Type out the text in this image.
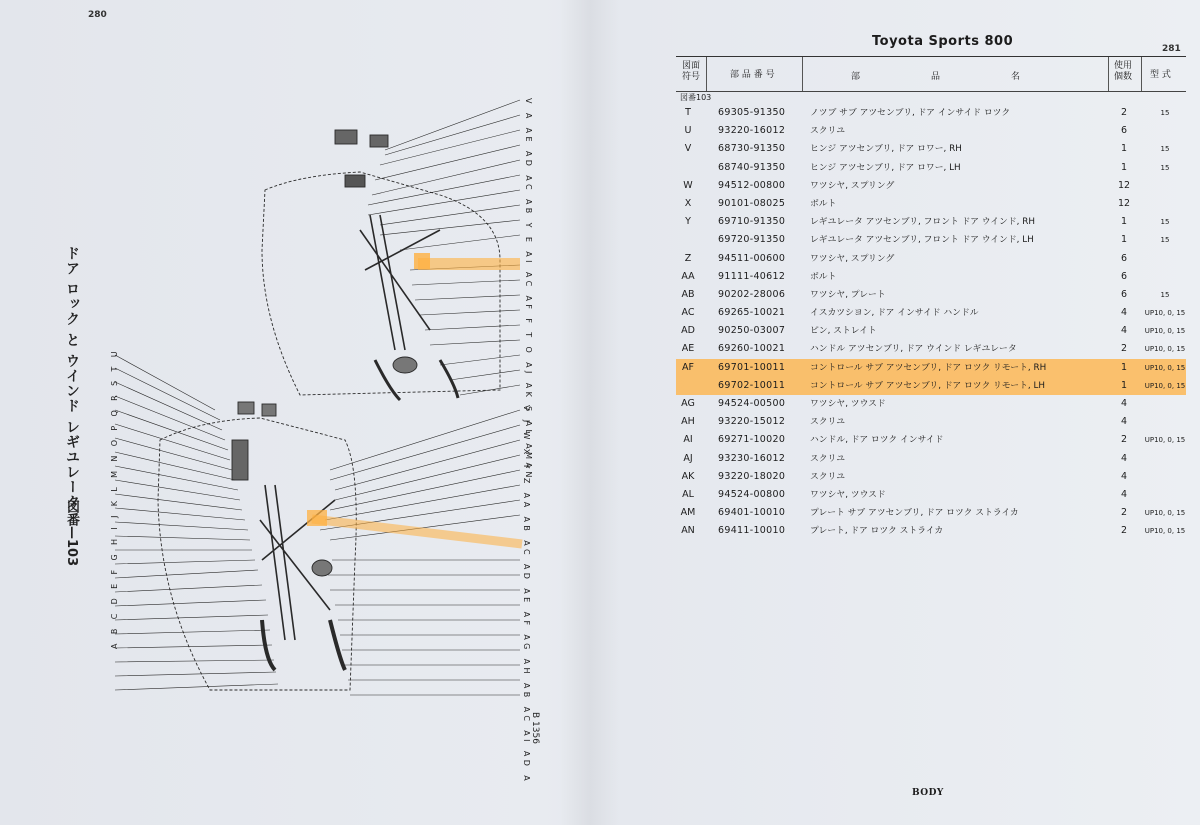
280
ドア ロック と ウインド レギユレータ
図番—103
B 1356
V A AE AD AC AB Y E AI AC AF F T O AJ AK S AL AMAN
V J W X Y Z AA AB AC AD AE AF AG AH AB AC AI AD A
A B C D E F G H I J K L M N O P Q R S T U
Toyota Sports 800	281
図面符号	部 品 番 号	部	品	名
使用個数	型 式
図番103
T	69305-91350	ノツブ サブ アツセンブリ, ドア インサイド ロツク	2	15
U	93220-16012	スクリユ	6
V	68730-91350	ヒンジ アツセンブリ, ドア ロワー, RH	1	15
68740-91350	ヒンジ アツセンブリ, ドア ロワー, LH	1	15
W	94512-00800	ワツシヤ, スプリング	12
X	90101-08025	ボルト	12
Y	69710-91350	レギユレータ アツセンブリ, フロント ドア ウインド, RH	1	15
69720-91350	レギユレータ アツセンブリ, フロント ドア ウインド, LH	1	15
Z	94511-00600	ワツシヤ, スプリング	6
AA	91111-40612	ボルト	6
AB	90202-28006	ワツシヤ, プレート	6	15
AC	69265-10021	イスカツシヨン, ドア インサイド ハンドル	4	UP10, 0, 15
AD	90250-03007	ピン, ストレイト	4	UP10, 0, 15
AE	69260-10021	ハンドル アツセンブリ, ドア ウインド レギユレータ	2	UP10, 0, 15
AF	69701-10011	コントロール サブ アツセンブリ, ドア ロツク リモート, RH	1	UP10, 0, 15
69702-10011	コントロール サブ アツセンブリ, ドア ロツク リモート, LH	1	UP10, 0, 15
AG	94524-00500	ワツシヤ, ツウスド	4
AH	93220-15012	スクリユ	4
AI	69271-10020	ハンドル, ドア ロツク インサイド	2	UP10, 0, 15
AJ	93230-16012	スクリユ	4
AK	93220-18020	スクリユ	4
AL	94524-00800	ワツシヤ, ツウスド	4
AM	69401-10010	プレート サブ アツセンブリ, ドア ロツク ストライカ	2	UP10, 0, 15
AN	69411-10010	プレート, ドア ロツク ストライカ	2	UP10, 0, 15
BODY
